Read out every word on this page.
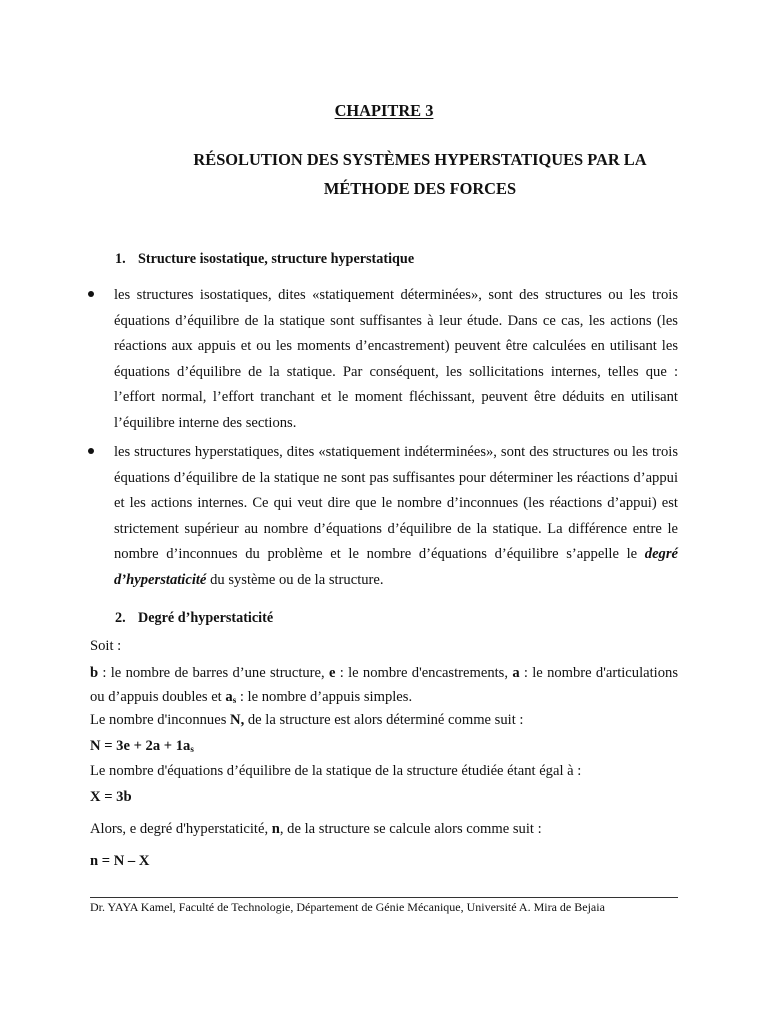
CHAPITRE 3
RÉSOLUTION DES SYSTÈMES HYPERSTATIQUES PAR LA MÉTHODE DES FORCES
1. Structure isostatique, structure hyperstatique
les structures isostatiques, dites «statiquement déterminées», sont des structures ou les trois équations d’équilibre de la statique sont suffisantes à leur étude. Dans ce cas, les actions (les réactions aux appuis et ou les moments d’encastrement) peuvent être calculées en utilisant les équations d’équilibre de la statique. Par conséquent, les sollicitations internes, telles que : l’effort normal, l’effort tranchant et le moment fléchissant, peuvent être déduits en utilisant l’équilibre interne des sections.
les structures hyperstatiques, dites «statiquement indéterminées», sont des structures ou les trois équations d’équilibre de la statique ne sont pas suffisantes pour déterminer les réactions d’appui et les actions internes. Ce qui veut dire que le nombre d’inconnues (les réactions d’appui) est strictement supérieur au nombre d’équations d’équilibre de la statique. La différence entre le nombre d’inconnues du problème et le nombre d’équations d’équilibre s’appelle le degré d’hyperstaticité du système ou de la structure.
2. Degré d’hyperstaticité
Soit :
b : le nombre de barres d’une structure, e : le nombre d'encastrements, a : le nombre d'articulations ou d’appuis doubles et $a_s$ : le nombre d’appuis simples.
Le nombre d'inconnues N, de la structure est alors déterminé comme suit :
$N = 3e + 2a + 1a_s$
Le nombre d'équations d’équilibre de la statique de la structure étudiée étant égal à :
X = 3b
Alors, e degré d'hyperstaticité, n, de la structure se calcule alors comme suit :
n = N – X
Dr. YAYA Kamel, Faculté de Technologie, Département de Génie Mécanique, Université A. Mira de Bejaia
